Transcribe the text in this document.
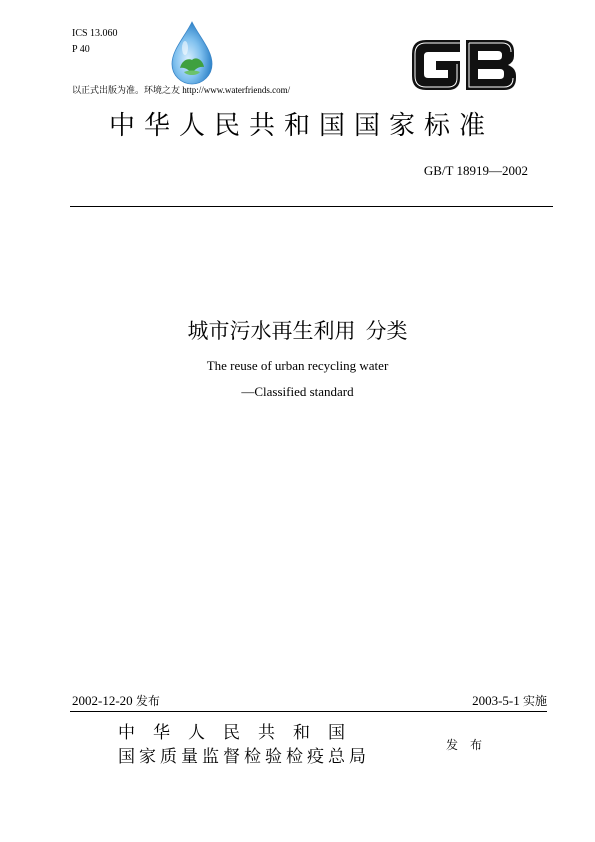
ICS 13.060
P 40
以正式出版为准。环境之友 http://www.waterfriends.com/
中华人民共和国国家标准
GB/T 18919—2002
城市污水再生利用 分类
The reuse of urban recycling water
—Classified standard
2002-12-20 发布	2003-5-1 实施
中华人民共和国
国家质量监督检验检疫总局
发布
